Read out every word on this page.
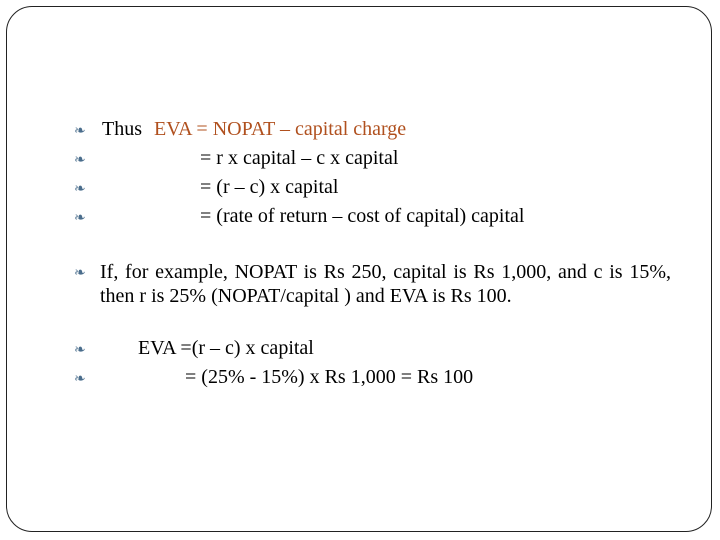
❧
Thus EVA = NOPAT – capital charge
❧
= r x capital – c x capital
❧
= (r – c) x capital
❧
= (rate of return – cost of capital) capital
❧
If, for example, NOPAT is Rs 250, capital is Rs 1,000, and c is 15%, then r is 25% (NOPAT/capital ) and EVA is Rs 100.
❧
EVA =(r – c) x capital
❧
= (25% - 15%) x Rs 1,000 = Rs 100
